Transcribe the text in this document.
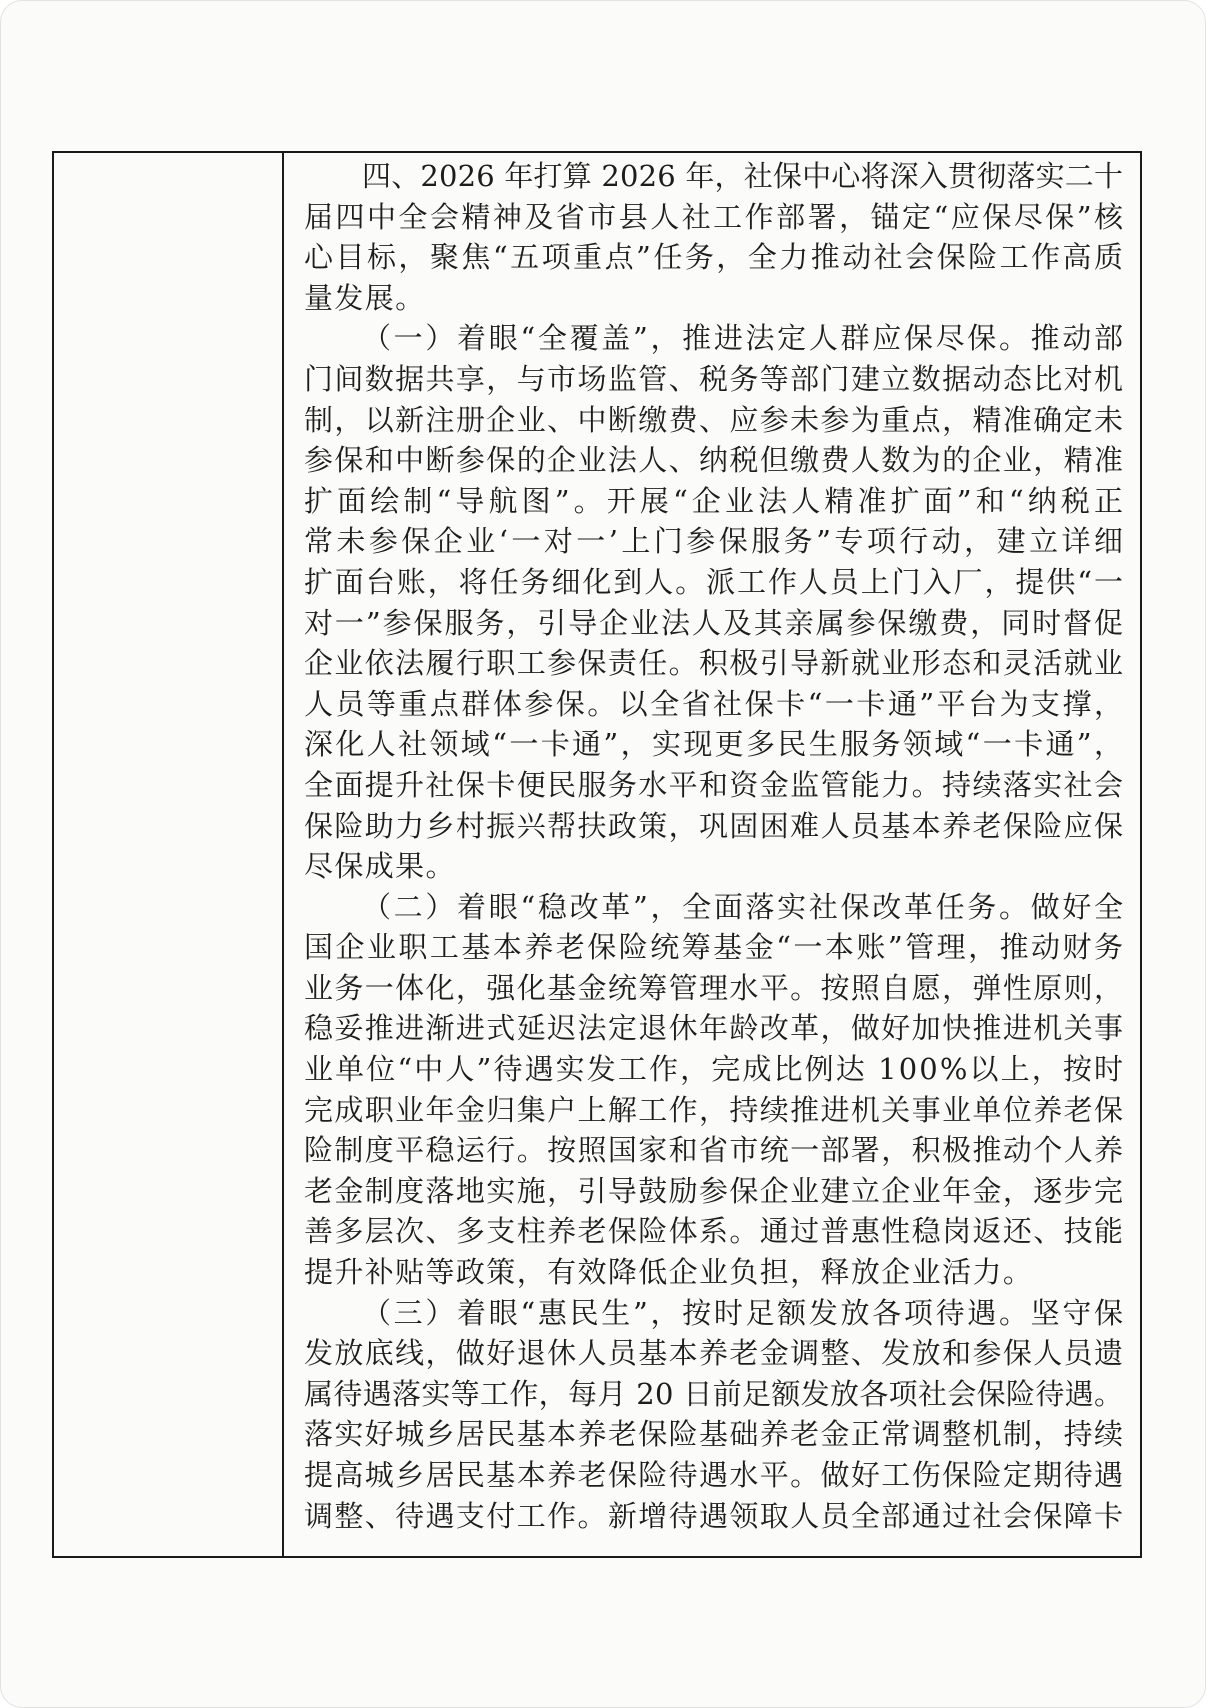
四、2026 年打算 2026 年，社保中心将深入贯彻落实二十
届四中全会精神及省市县人社工作部署，锚定“应保尽保”核
心目标，聚焦“五项重点”任务，全力推动社会保险工作高质
量发展。
（一）着眼“全覆盖”，推进法定人群应保尽保。推动部
门间数据共享，与市场监管、税务等部门建立数据动态比对机
制，以新注册企业、中断缴费、应参未参为重点，精准确定未
参保和中断参保的企业法人、纳税但缴费人数为的企业，精准
扩面绘制“导航图”。开展“企业法人精准扩面”和“纳税正
常未参保企业‘一对一’上门参保服务”专项行动，建立详细
扩面台账，将任务细化到人。派工作人员上门入厂，提供“一
对一”参保服务，引导企业法人及其亲属参保缴费，同时督促
企业依法履行职工参保责任。积极引导新就业形态和灵活就业
人员等重点群体参保。以全省社保卡“一卡通”平台为支撑，
深化人社领域“一卡通”，实现更多民生服务领域“一卡通”，
全面提升社保卡便民服务水平和资金监管能力。持续落实社会
保险助力乡村振兴帮扶政策，巩固困难人员基本养老保险应保
尽保成果。
（二）着眼“稳改革”，全面落实社保改革任务。做好全
国企业职工基本养老保险统筹基金“一本账”管理，推动财务
业务一体化，强化基金统筹管理水平。按照自愿，弹性原则，
稳妥推进渐进式延迟法定退休年龄改革，做好加快推进机关事
业单位“中人”待遇实发工作，完成比例达 100%以上，按时
完成职业年金归集户上解工作，持续推进机关事业单位养老保
险制度平稳运行。按照国家和省市统一部署，积极推动个人养
老金制度落地实施，引导鼓励参保企业建立企业年金，逐步完
善多层次、多支柱养老保险体系。通过普惠性稳岗返还、技能
提升补贴等政策，有效降低企业负担，释放企业活力。
（三）着眼“惠民生”，按时足额发放各项待遇。坚守保
发放底线，做好退休人员基本养老金调整、发放和参保人员遗
属待遇落实等工作，每月 20 日前足额发放各项社会保险待遇。
落实好城乡居民基本养老保险基础养老金正常调整机制，持续
提高城乡居民基本养老保险待遇水平。做好工伤保险定期待遇
调整、待遇支付工作。新增待遇领取人员全部通过社会保障卡
